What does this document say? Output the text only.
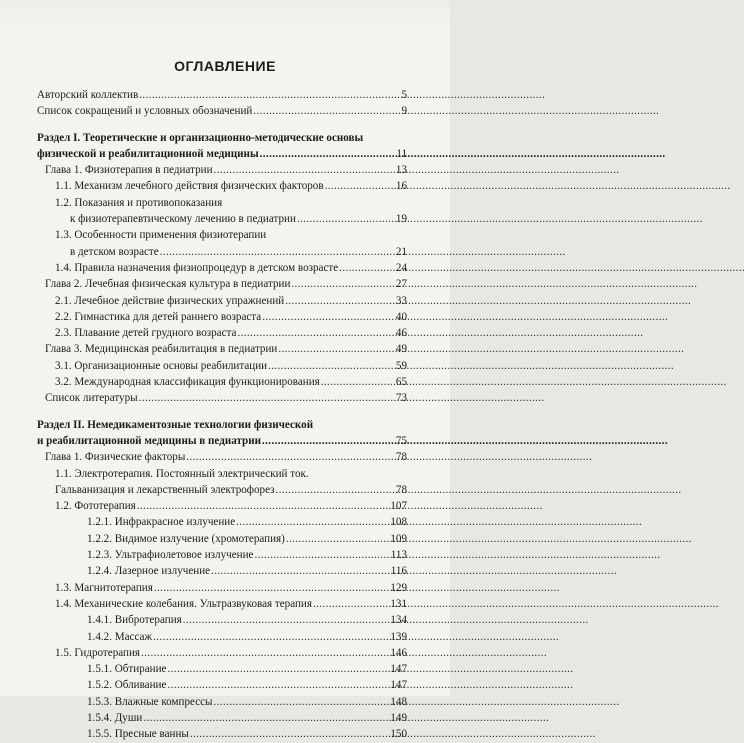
ОГЛАВЛЕНИЕ
Авторский коллектив . . .	5
Список сокращений и условных обозначений . . .	9
Раздел I. Теоретические и организационно-методические основы
физической и реабилитационной медицины . . .	11
Глава 1. Физиотерапия в педиатрии . . .	13
1.1. Механизм лечебного действия физических факторов . . .	16
1.2. Показания и противопоказания
к физиотерапевтическому лечению в педиатрии . . .	19
1.3. Особенности применения физиотерапии
в детском возрасте . . .	21
1.4. Правила назначения физиопроцедур в детском возрасте . . .	24
Глава 2. Лечебная физическая культура в педиатрии . . .	27
2.1. Лечебное действие физических упражнений . . .	33
2.2. Гимнастика для детей раннего возраста . . .	40
2.3. Плавание детей грудного возраста . . .	46
Глава 3. Медицинская реабилитация в педиатрии . . .	49
3.1. Организационные основы реабилитации . . .	59
3.2. Международная классификация функционирования . . .	65
Список литературы . . .	73
Раздел II. Немедикаментозные технологии физической
и реабилитационной медицины в педиатрии . . .	75
Глава 1. Физические факторы . . .	78
1.1. Электротерапия. Постоянный электрический ток.
Гальванизация и лекарственный электрофорез . . .	78
1.2. Фототерапия . . .	107
1.2.1. Инфракрасное излучение . . .	108
1.2.2. Видимое излучение (хромотерапия) . . .	109
1.2.3. Ультрафиолетовое излучение . . .	113
1.2.4. Лазерное излучение . . .	116
1.3. Магнитотерапия . . .	129
1.4. Механические колебания. Ультразвуковая терапия . . .	131
1.4.1. Вибротерапия . . .	134
1.4.2. Массаж . . .	139
1.5. Гидротерапия . . .	146
1.5.1. Обтирание . . .	147
1.5.2. Обливание . . .	147
1.5.3. Влажные компрессы . . .	148
1.5.4. Души . . .	149
1.5.5. Пресные ванны . . .	150
